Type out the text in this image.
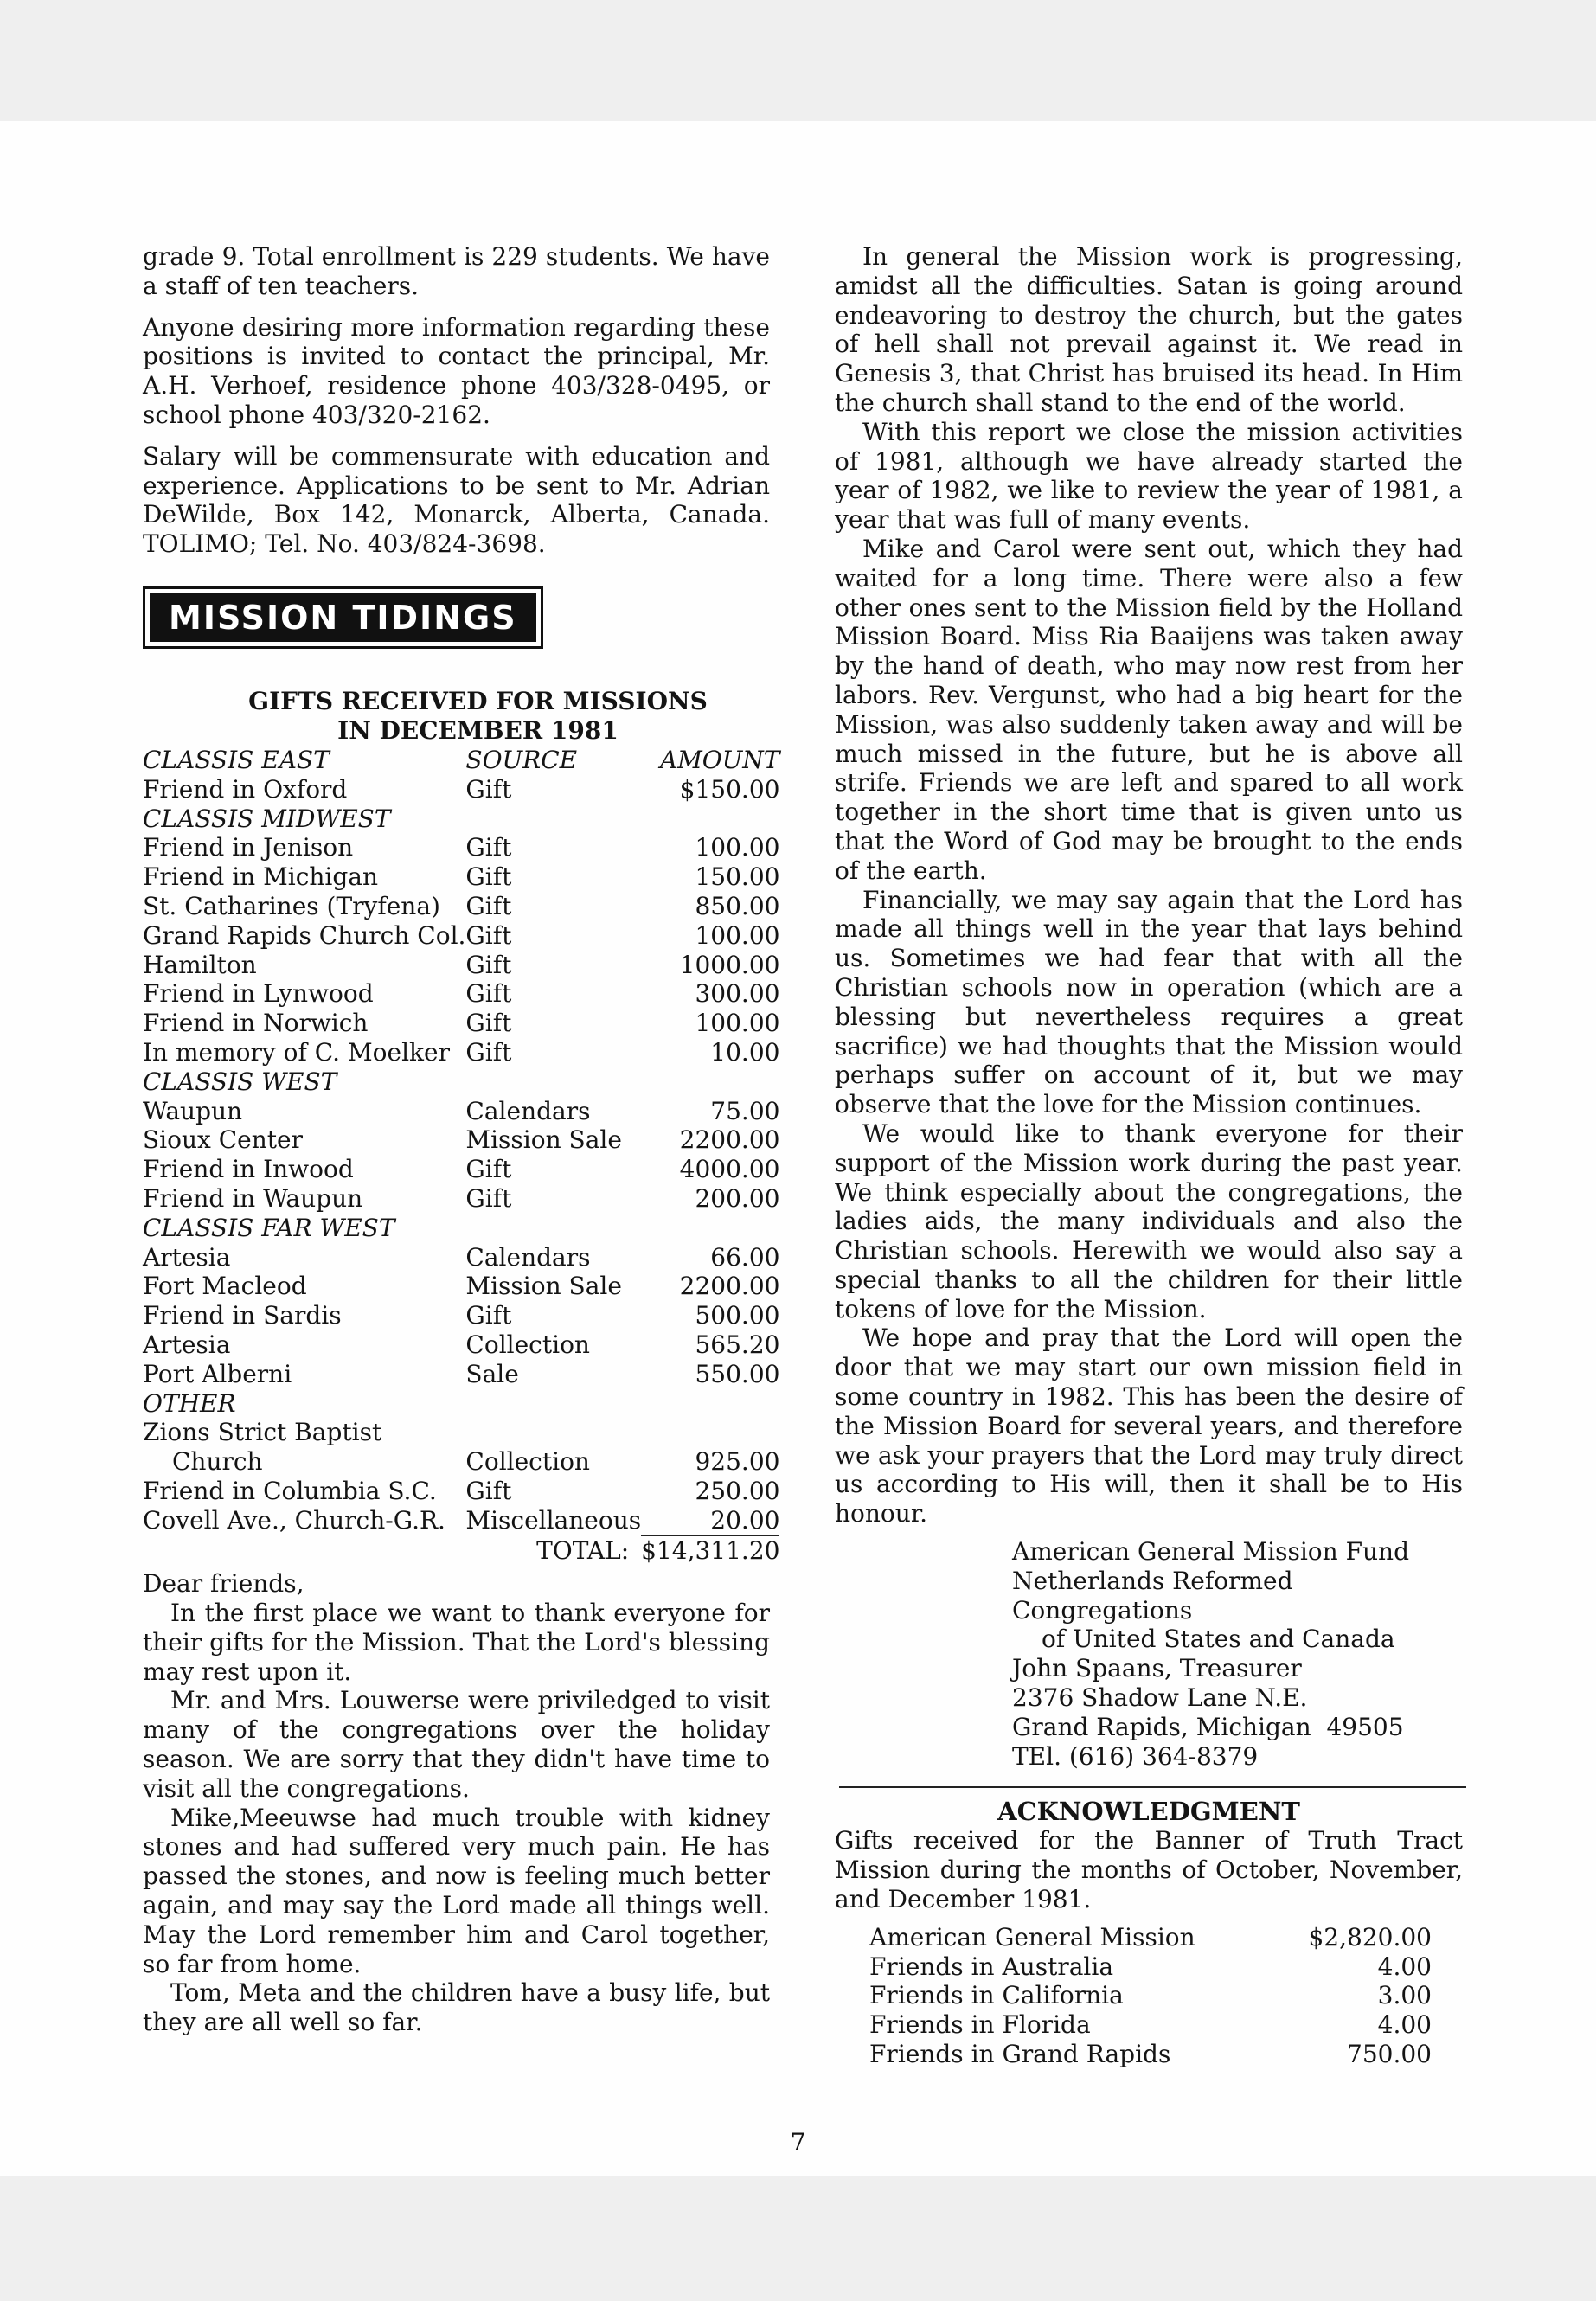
grade 9. Total enrollment is 229 students. We have a staff of ten teachers.

Anyone desiring more information regarding these positions is invited to contact the principal, Mr. A.H. Verhoef, residence phone 403/328-0495, or school phone 403/320-2162.

Salary will be commensurate with education and experience. Applications to be sent to Mr. Adrian DeWilde, Box 142, Monarck, Alberta, Canada. TOLIMO; Tel. No. 403/824-3698.

MISSION TIDINGS
GIFTS RECEIVED FOR MISSIONS
IN DECEMBER 1981
CLASSIS EAST	SOURCE	AMOUNT
Friend in Oxford	Gift	$150.00
CLASSIS MIDWEST		
Friend in Jenison	Gift	100.00
Friend in Michigan	Gift	150.00
St. Catharines (Tryfena)	Gift	850.00
Grand Rapids Church Col.	Gift	100.00
Hamilton	Gift	1000.00
Friend in Lynwood	Gift	300.00
Friend in Norwich	Gift	100.00
In memory of C. Moelker	Gift	10.00
CLASSIS WEST		
Waupun	Calendars	75.00
Sioux Center	Mission Sale	2200.00
Friend in Inwood	Gift	4000.00
Friend in Waupun	Gift	200.00
CLASSIS FAR WEST		
Artesia	Calendars	66.00
Fort Macleod	Mission Sale	2200.00
Friend in Sardis	Gift	500.00
Artesia	Collection	565.20
Port Alberni	Sale	550.00
OTHER		
Zions Strict Baptist		
Church	Collection	925.00
Friend in Columbia S.C.	Gift	250.00
Covell Ave., Church-G.R.	Miscellaneous	20.00
	TOTAL:	$14,311.20

Dear friends,

In the first place we want to thank everyone for their gifts for the Mission. That the Lord's blessing may rest upon it.

Mr. and Mrs. Louwerse were priviledged to visit many of the congregations over the holiday season. We are sorry that they didn't have time to visit all the congregations.

Mike‚Meeuwse had much trouble with kidney stones and had suffered very much pain. He has passed the stones, and now is feeling much better again, and may say the Lord made all things well. May the Lord remember him and Carol together, so far from home.

Tom, Meta and the children have a busy life, but they are all well so far.

In general the Mission work is progressing, amidst all the difficulties. Satan is going around endeavoring to destroy the church, but the gates of hell shall not prevail against it. We read in Genesis 3, that Christ has bruised its head. In Him the church shall stand to the end of the world.

With this report we close the mission activities of 1981, although we have already started the year of 1982, we like to review the year of 1981, a year that was full of many events.

Mike and Carol were sent out, which they had waited for a long time. There were also a few other ones sent to the Mission field by the Holland Mission Board. Miss Ria Baaijens was taken away by the hand of death, who may now rest from her labors. Rev. Vergunst, who had a big heart for the Mission, was also suddenly taken away and will be much missed in the future, but he is above all strife. Friends we are left and spared to all work together in the short time that is given unto us that the Word of God may be brought to the ends of the earth.

Financially, we may say again that the Lord has made all things well in the year that lays behind us. Sometimes we had fear that with all the Christian schools now in operation (which are a blessing but nevertheless requires a great sacrifice) we had thoughts that the Mission would perhaps suffer on account of it, but we may observe that the love for the Mission continues.

We would like to thank everyone for their support of the Mission work during the past year. We think especially about the congregations, the ladies aids, the many individuals and also the Christian schools. Herewith we would also say a special thanks to all the children for their little tokens of love for the Mission.

We hope and pray that the Lord will open the door that we may start our own mission field in some country in 1982. This has been the desire of the Mission Board for several years, and therefore we ask your prayers that the Lord may truly direct us according to His will, then it shall be to His honour.

American General Mission Fund
Netherlands Reformed Congregations
of United States and Canada
John Spaans, Treasurer
2376 Shadow Lane N.E.
Grand Rapids, Michigan  49505
TEl. (616) 364-8379
ACKNOWLEDGMENT

Gifts received for the Banner of Truth Tract Mission during the months of October, November, and December 1981.

American General Mission	$2,820.00
Friends in Australia	4.00
Friends in California	3.00
Friends in Florida	4.00
Friends in Grand Rapids	750.00
7
